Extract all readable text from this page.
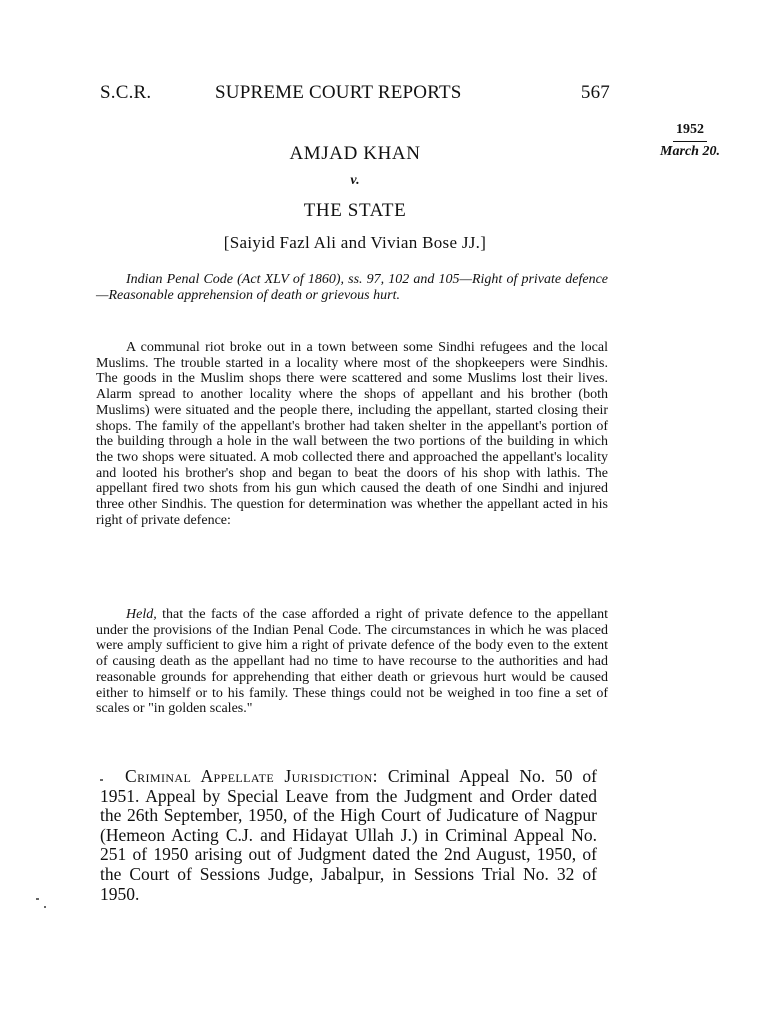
S.C.R.	SUPREME COURT REPORTS	567
1952
March 20.
AMJAD KHAN
v.
THE STATE
[Saiyid Fazl Ali and Vivian Bose JJ.]

Indian Penal Code (Act XLV of 1860), ss. 97, 102 and 105—Right of private defence—Reasonable apprehension of death or grievous hurt.

A communal riot broke out in a town between some Sindhi refugees and the local Muslims. The trouble started in a locality where most of the shopkeepers were Sindhis. The goods in the Muslim shops there were scattered and some Muslims lost their lives. Alarm spread to another locality where the shops of appellant and his brother (both Muslims) were situated and the people there, including the appellant, started closing their shops. The family of the appellant's brother had taken shelter in the appellant's portion of the building through a hole in the wall between the two portions of the building in which the two shops were situated. A mob collected there and approached the appellant's locality and looted his brother's shop and began to beat the doors of his shop with lathis. The appellant fired two shots from his gun which caused the death of one Sindhi and injured three other Sindhis. The question for determination was whether the appellant acted in his right of private defence:

Held, that the facts of the case afforded a right of private defence to the appellant under the provisions of the Indian Penal Code. The circumstances in which he was placed were amply sufficient to give him a right of private defence of the body even to the extent of causing death as the appellant had no time to have recourse to the authorities and had reasonable grounds for apprehending that either death or grievous hurt would be caused either to himself or to his family. These things could not be weighed in too fine a set of scales or "in golden scales."

Criminal Appellate Jurisdiction: Criminal Appeal No. 50 of 1951. Appeal by Special Leave from the Judgment and Order dated the 26th September, 1950, of the High Court of Judicature of Nagpur (Hemeon Acting C.J. and Hidayat Ullah J.) in Criminal Appeal No. 251 of 1950 arising out of Judgment dated the 2nd August, 1950, of the Court of Sessions Judge, Jabalpur, in Sessions Trial No. 32 of 1950.
